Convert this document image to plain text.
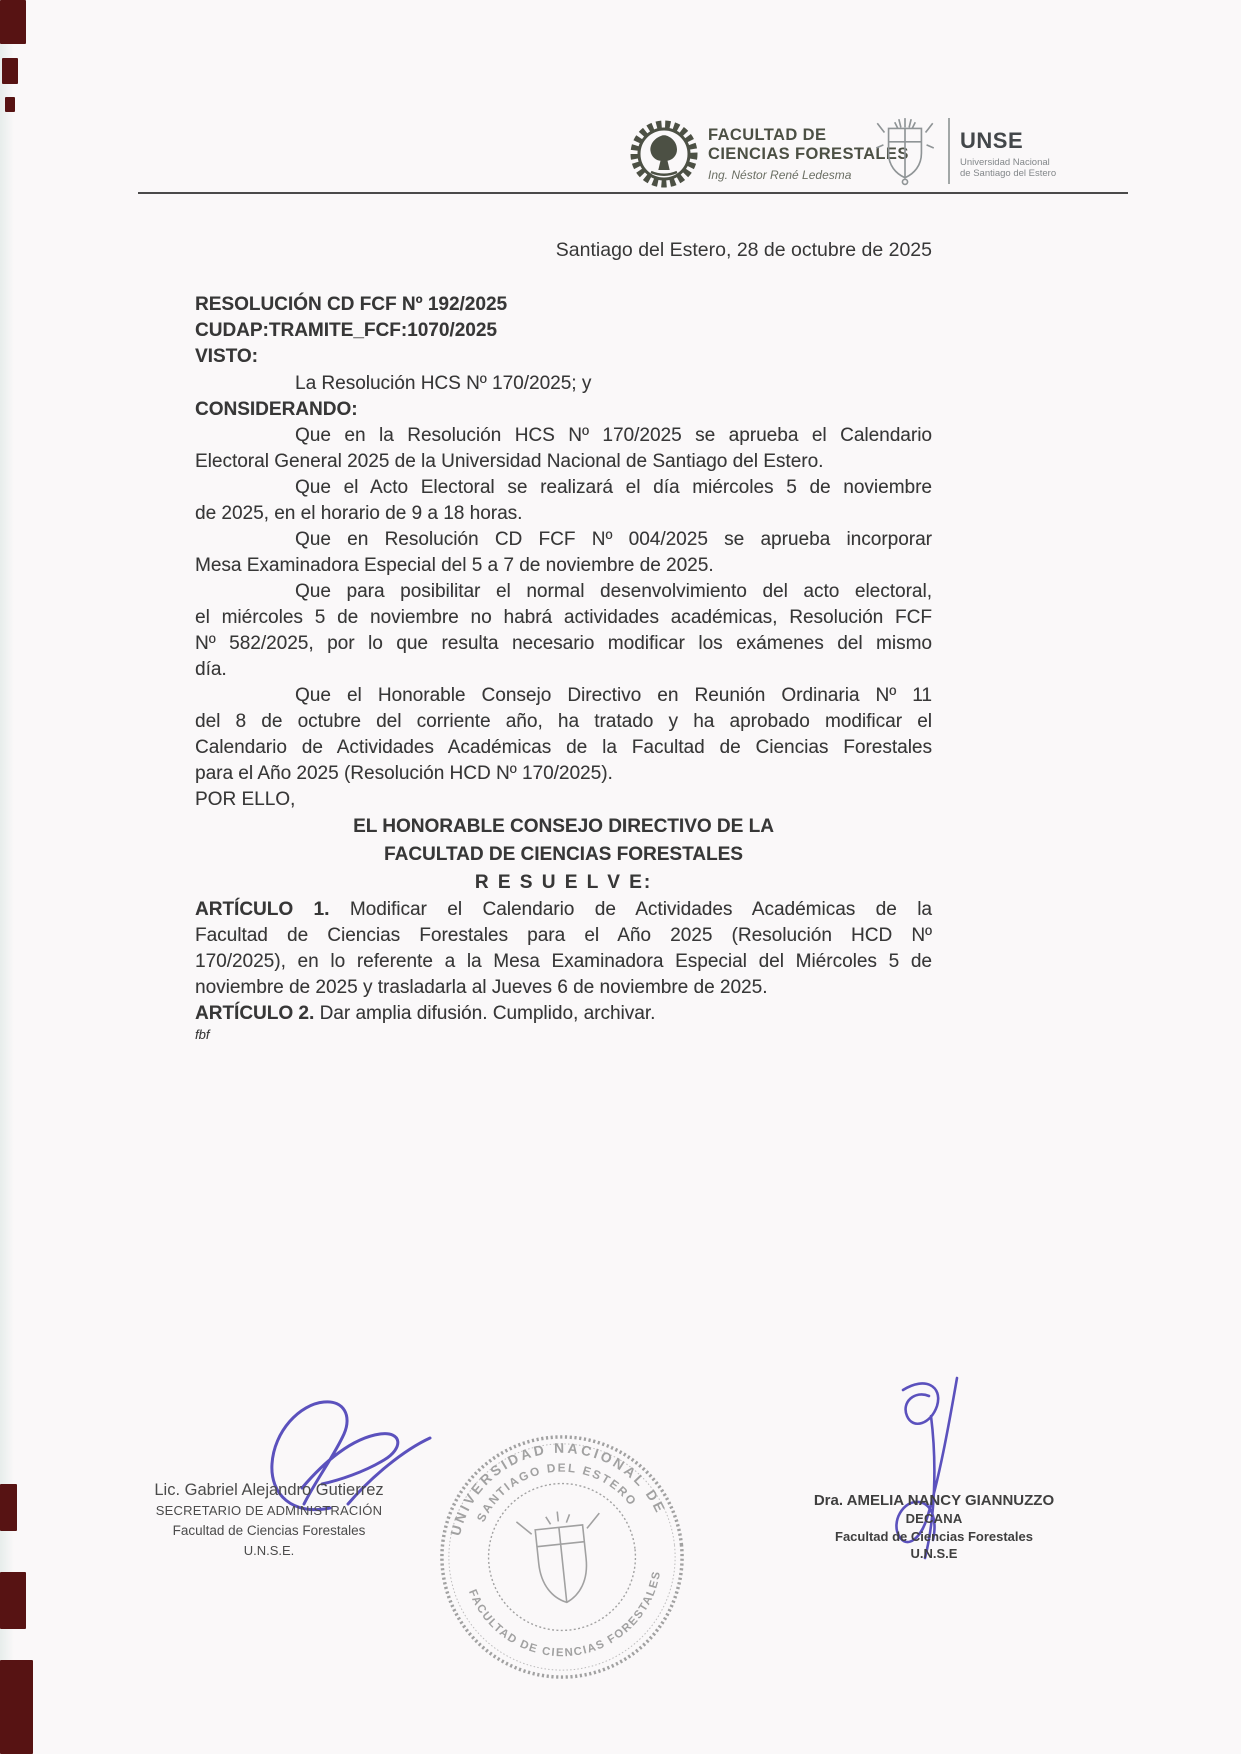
FACULTAD DE
CIENCIAS FORESTALES
Ing. Néstor René Ledesma
UNSE
Universidad Nacional
de Santiago del Estero
Santiago del Estero, 28 de octubre de 2025
RESOLUCIÓN CD FCF Nº 192/2025
CUDAP:TRAMITE_FCF:1070/2025
VISTO:
La Resolución HCS Nº 170/2025; y
CONSIDERANDO:
Que en la Resolución HCS Nº 170/2025 se aprueba el Calendario
Electoral General 2025 de la Universidad Nacional de Santiago del Estero.
Que el Acto Electoral se realizará el día miércoles 5 de noviembre
de 2025, en el horario de 9 a 18 horas.
Que en Resolución CD FCF Nº 004/2025 se aprueba incorporar
Mesa Examinadora Especial del 5 a 7 de noviembre de 2025.
Que para posibilitar el normal desenvolvimiento del acto electoral,
el miércoles 5 de noviembre no habrá actividades académicas, Resolución FCF
Nº 582/2025, por lo que resulta necesario modificar los exámenes del mismo
día.
Que el Honorable Consejo Directivo en Reunión Ordinaria Nº 11
del 8 de octubre del corriente año, ha tratado y ha aprobado modificar el
Calendario de Actividades Académicas de la Facultad de Ciencias Forestales
para el Año 2025 (Resolución HCD Nº 170/2025).
POR ELLO,
EL HONORABLE CONSEJO DIRECTIVO DE LA
FACULTAD DE CIENCIAS FORESTALES
R E S U E L V E:
ARTÍCULO 1. Modificar el Calendario de Actividades Académicas de la
Facultad de Ciencias Forestales para el Año 2025 (Resolución HCD Nº
170/2025), en lo referente a la Mesa Examinadora Especial del Miércoles 5 de
noviembre de 2025 y trasladarla al Jueves 6 de noviembre de 2025.
ARTÍCULO 2. Dar amplia difusión. Cumplido, archivar.
fbf
UNIVERSIDAD NACIONAL DE
SANTIAGO DEL ESTERO
FACULTAD DE CIENCIAS FORESTALES
Lic. Gabriel Alejandro Gutierrez
SECRETARIO DE ADMINISTRACIÓN
Facultad de Ciencias Forestales
U.N.S.E.
Dra. AMELIA NANCY GIANNUZZO
DECANA
Facultad de Ciencias Forestales
U.N.S.E
